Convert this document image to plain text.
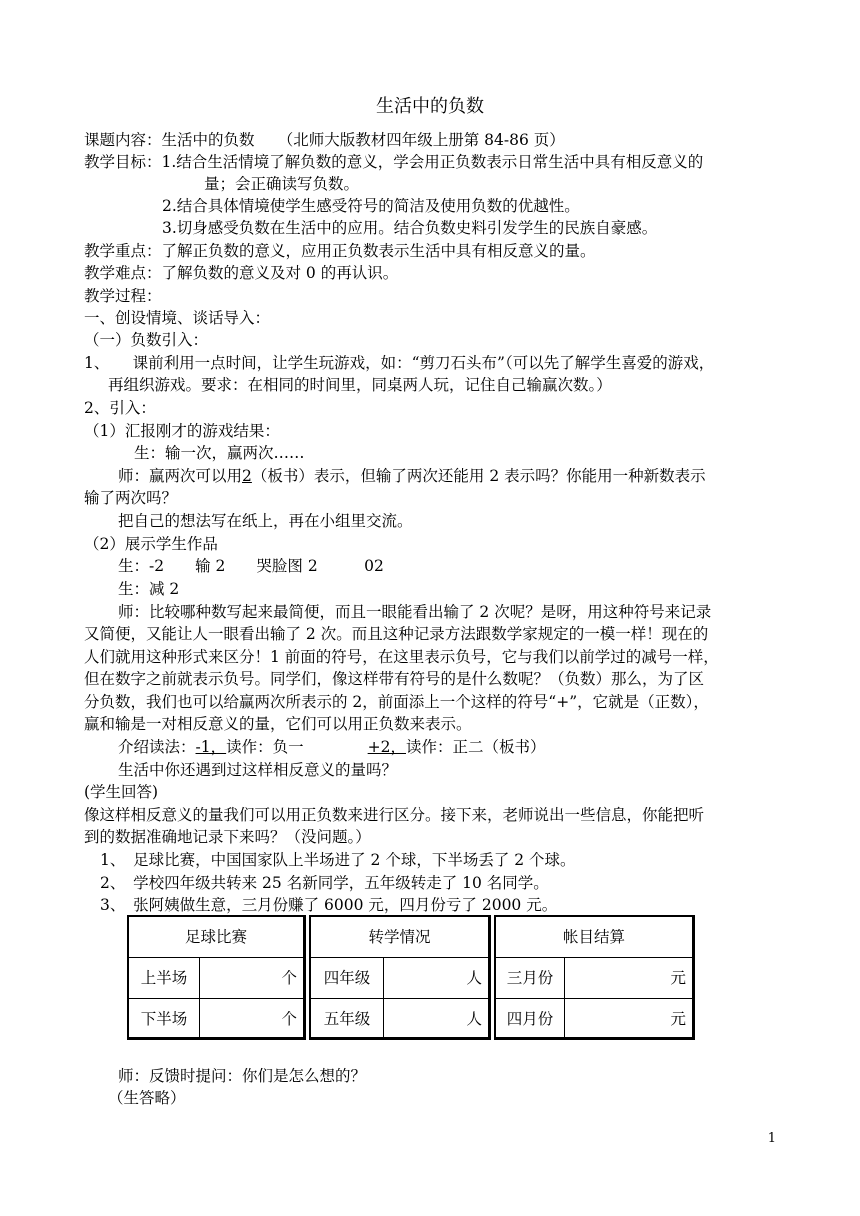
生活中的负数
课题内容：生活中的负数　　（北师大版教材四年级上册第 84-86 页）
教学目标：1.结合生活情境了解负数的意义，学会用正负数表示日常生活中具有相反意义的
量；会正确读写负数。
2.结合具体情境使学生感受符号的简洁及使用负数的优越性。
3.切身感受负数在生活中的应用。结合负数史料引发学生的民族自豪感。
教学重点：了解正负数的意义，应用正负数表示生活中具有相反意义的量。
教学难点：了解负数的意义及对 0 的再认识。
教学过程：
一、创设情境、谈话导入：
（一）负数引入：
1、　　课前利用一点时间，让学生玩游戏，如：“剪刀石头布”（可以先了解学生喜爱的游戏，
再组织游戏。要求：在相同的时间里，同桌两人玩，记住自己输赢次数。）
2、引入：
（1）汇报刚才的游戏结果：
生：输一次，赢两次……
师：赢两次可以用2（板书）表示，但输了两次还能用 2 表示吗？你能用一种新数表示
输了两次吗？
把自己的想法写在纸上，再在小组里交流。
（2）展示学生作品
生：-2　　输 2　　哭脸图 2　　　02
生：减 2
师：比较哪种数写起来最简便，而且一眼能看出输了 2 次呢？是呀，用这种符号来记录
又简便，又能让人一眼看出输了 2 次。而且这种记录方法跟数学家规定的一模一样！现在的
人们就用这种形式来区分！1 前面的符号，在这里表示负号，它与我们以前学过的减号一样，
但在数字之前就表示负号。同学们，像这样带有符号的是什么数呢？（负数）那么，为了区
分负数，我们也可以给赢两次所表示的 2，前面添上一个这样的符号“+”，它就是（正数），
赢和输是一对相反意义的量，它们可以用正负数来表示。
介绍读法：-1，读作：负一	+2，读作：正二（板书）
生活中你还遇到过这样相反意义的量吗？
(学生回答)
像这样相反意义的量我们可以用正负数来进行区分。接下来，老师说出一些信息，你能把听
到的数据准确地记录下来吗？（没问题。）
1、　足球比赛，中国国家队上半场进了 2 个球，下半场丢了 2 个球。
2、　学校四年级共转来 25 名新同学，五年级转走了 10 名同学。
3、　张阿姨做生意，三月份赚了 6000 元，四月份亏了 2000 元。
足球比赛
上半场	个
下半场	个
转学情况
四年级	人
五年级	人
帐目结算
三月份	元
四月份	元
师：反馈时提问：你们是怎么想的？
（生答略）
1
